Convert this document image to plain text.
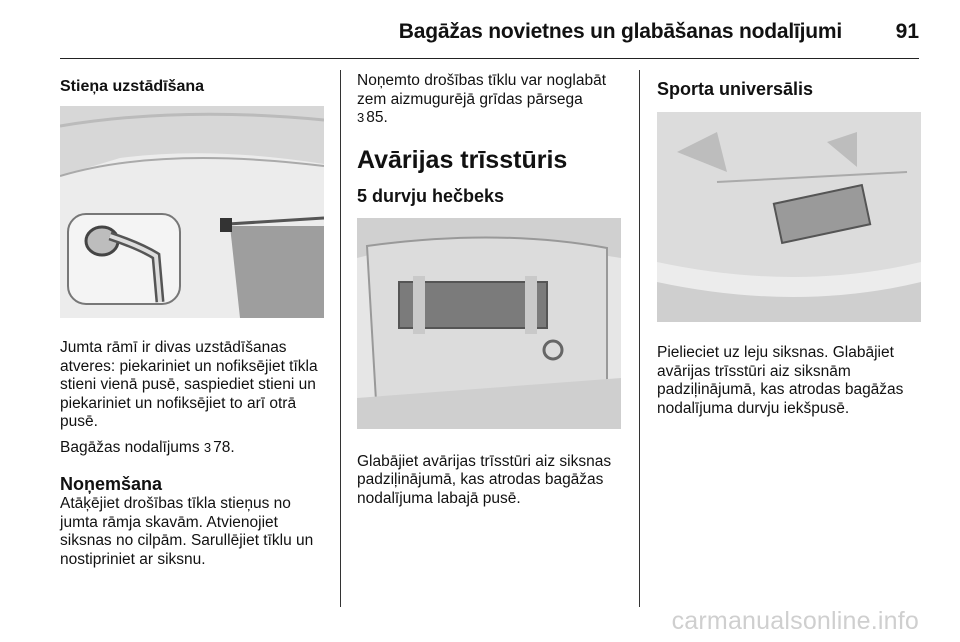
Bagāžas novietnes un glabāšanas nodalījumi	91
Stieņa uzstādīšana

Jumta rāmī ir divas uzstādīšanas atveres: piekariniet un nofiksējiet tīkla stieni vienā pusē, saspiediet stieni un piekariniet un nofiksējiet to arī otrā pusē.

Bagāžas nodalījums 3 78.

Noņemšana

Atāķējiet drošības tīkla stieņus no jumta rāmja skavām. Atvienojiet siksnas no cilpām. Sarullējiet tīklu un nostipriniet ar siksnu.

Noņemto drošības tīklu var noglabāt zem aizmugurējā grīdas pārsega
3 85.

Avārijas trīsstūris
5 durvju hečbeks

Glabājiet avārijas trīsstūri aiz siksnas padziļinājumā, kas atrodas bagāžas nodalījuma labajā pusē.

Sporta universālis

Pielieciet uz leju siksnas. Glabājiet avārijas trīsstūri aiz siksnām padziļinājumā, kas atrodas bagāžas nodalījuma durvju iekšpusē.

carmanualsonline.info
